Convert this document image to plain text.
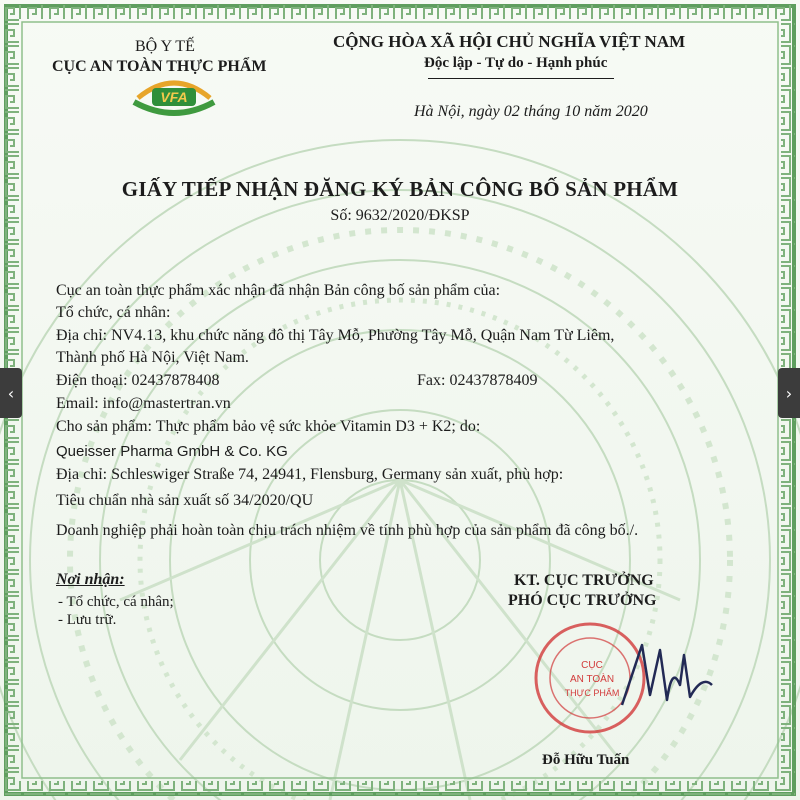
BỘ Y TẾ
CỤC AN TOÀN THỰC PHẨM
VFA
CỘNG HÒA XÃ HỘI CHỦ NGHĨA VIỆT NAM
Độc lập - Tự do - Hạnh phúc
Hà Nội, ngày 02 tháng 10 năm 2020
GIẤY TIẾP NHẬN ĐĂNG KÝ BẢN CÔNG BỐ SẢN PHẨM
Số: 9632/2020/ĐKSP
Cục an toàn thực phẩm xác nhận đã nhận Bản công bố sản phẩm của:
Tổ chức, cá nhân:
Địa chỉ: NV4.13, khu chức năng đô thị Tây Mỗ, Phường Tây Mỗ, Quận Nam Từ Liêm,
Thành phố Hà Nội, Việt Nam.
Điện thoại: 02437878408	Fax: 02437878409
Email: info@mastertran.vn
Cho sản phẩm: Thực phẩm bảo vệ sức khỏe Vitamin D3 + K2; do:
Queisser Pharma GmbH & Co. KG
Địa chỉ: Schleswiger Straße 74, 24941, Flensburg, Germany sản xuất, phù hợp:
Tiêu chuẩn nhà sản xuất số 34/2020/QU
Doanh nghiệp phải hoàn toàn chịu trách nhiệm về tính phù hợp của sản phẩm đã công bố./.
Nơi nhận:
- Tổ chức, cá nhân;
- Lưu trữ.
KT. CỤC TRƯỞNG
PHÓ CỤC TRƯỞNG
CỤC
AN TOÀN
THỰC PHẨM
Đỗ Hữu Tuấn
‹	›
